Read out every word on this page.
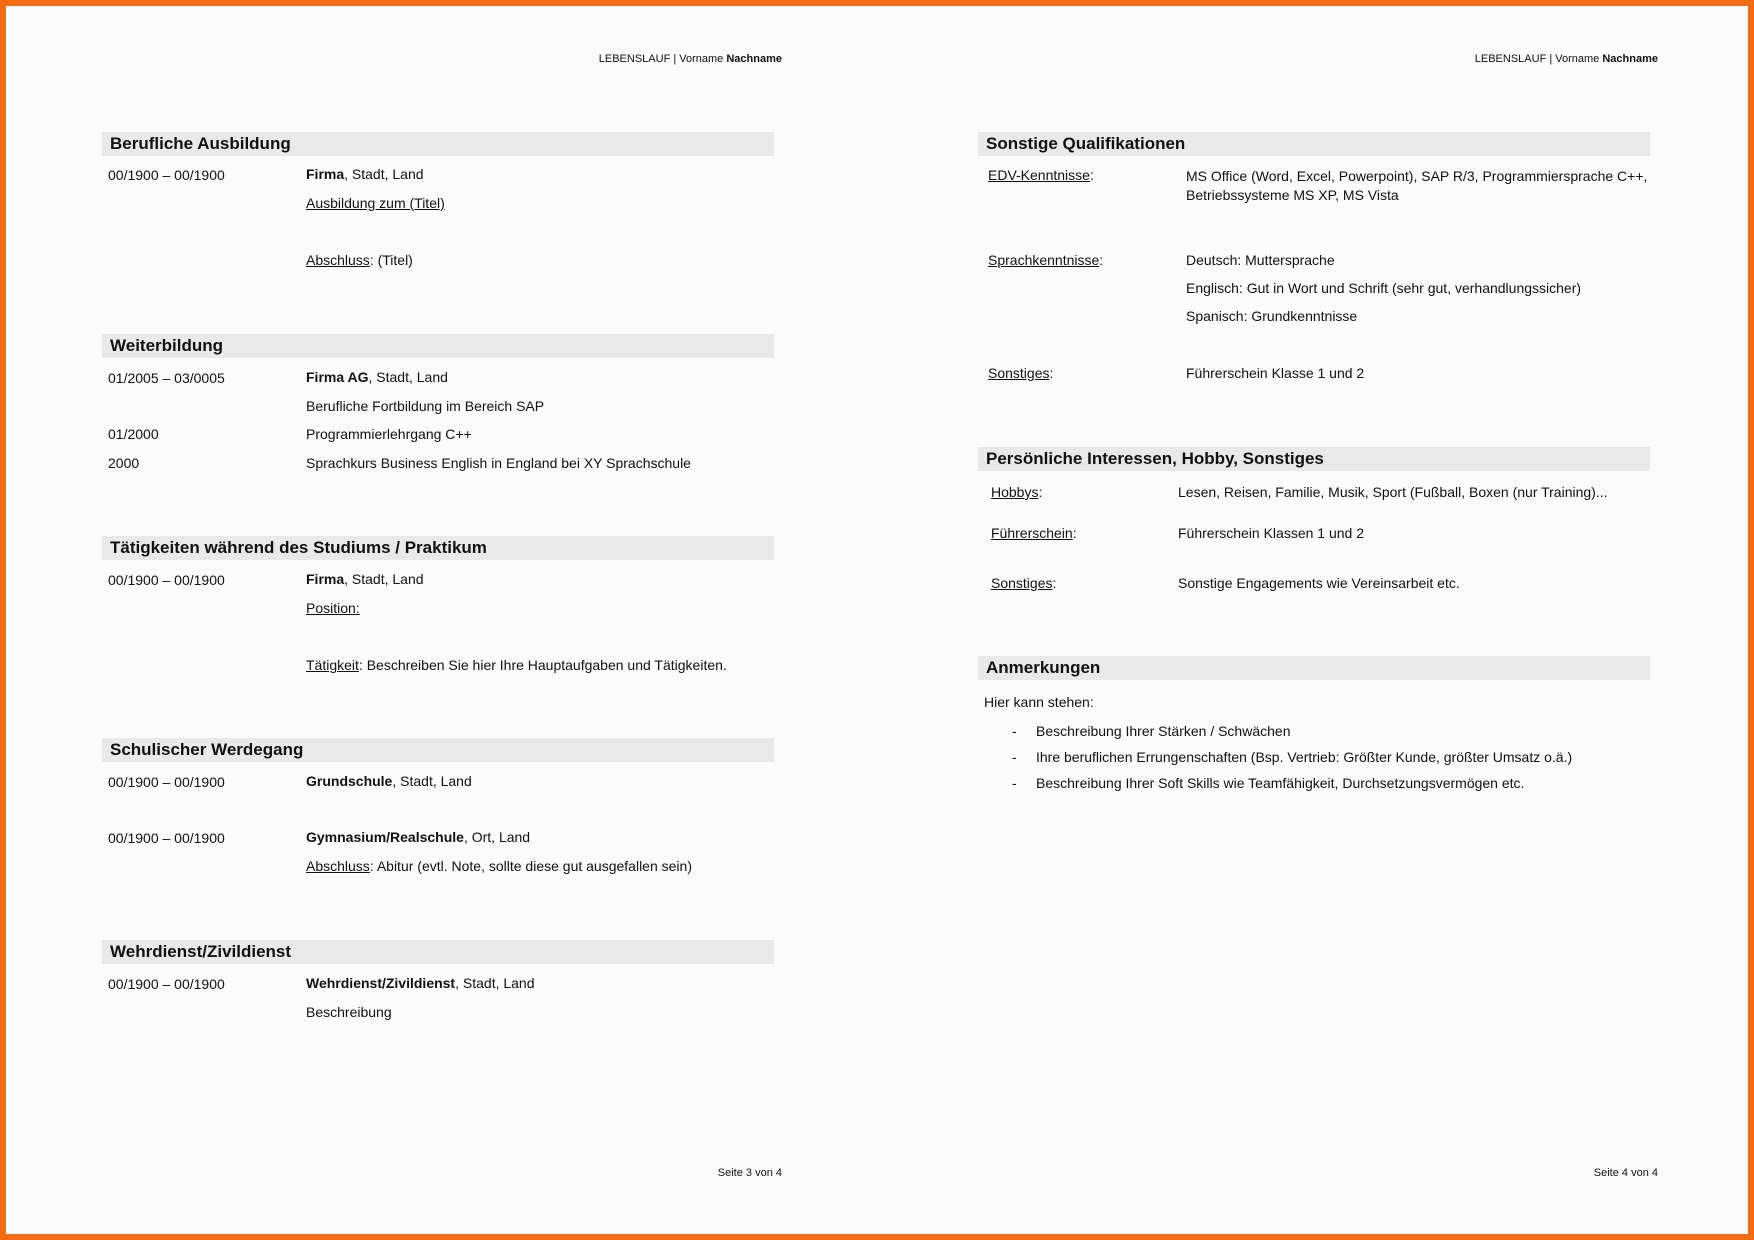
LEBENSLAUF | Vorname Nachname
Berufliche Ausbildung
00/1900 – 00/1900	Firma, Stadt, Land
Ausbildung zum (Titel)
Abschluss: (Titel)
Weiterbildung
01/2005 – 03/0005	Firma AG, Stadt, Land
Berufliche Fortbildung im Bereich SAP
01/2000	Programmierlehrgang C++
2000	Sprachkurs Business English in England bei XY Sprachschule
Tätigkeiten während des Studiums / Praktikum
00/1900 – 00/1900	Firma, Stadt, Land
Position:
Tätigkeit: Beschreiben Sie hier Ihre Hauptaufgaben und Tätigkeiten.
Schulischer Werdegang
00/1900 – 00/1900	Grundschule, Stadt, Land
00/1900 – 00/1900	Gymnasium/Realschule, Ort, Land
Abschluss: Abitur (evtl. Note, sollte diese gut ausgefallen sein)
Wehrdienst/Zivildienst
00/1900 – 00/1900	Wehrdienst/Zivildienst, Stadt, Land
Beschreibung
Seite 3 von 4
LEBENSLAUF | Vorname Nachname
Sonstige Qualifikationen
EDV-Kenntnisse:	MS Office (Word, Excel, Powerpoint), SAP R/3, Programmiersprache C++, Betriebssysteme MS XP, MS Vista
Sprachkenntnisse:	Deutsch: Muttersprache
Englisch: Gut in Wort und Schrift (sehr gut, verhandlungssicher)
Spanisch: Grundkenntnisse
Sonstiges:	Führerschein Klasse 1 und 2
Persönliche Interessen, Hobby, Sonstiges
Hobbys:	Lesen, Reisen, Familie, Musik, Sport (Fußball, Boxen (nur Training)...
Führerschein:	Führerschein Klassen 1 und 2
Sonstiges:	Sonstige Engagements wie Vereinsarbeit etc.
Anmerkungen
Hier kann stehen:
- Beschreibung Ihrer Stärken / Schwächen
- Ihre beruflichen Errungenschaften (Bsp. Vertrieb: Größter Kunde, größter Umsatz o.ä.)
- Beschreibung Ihrer Soft Skills wie Teamfähigkeit, Durchsetzungsvermögen etc.
Seite 4 von 4
